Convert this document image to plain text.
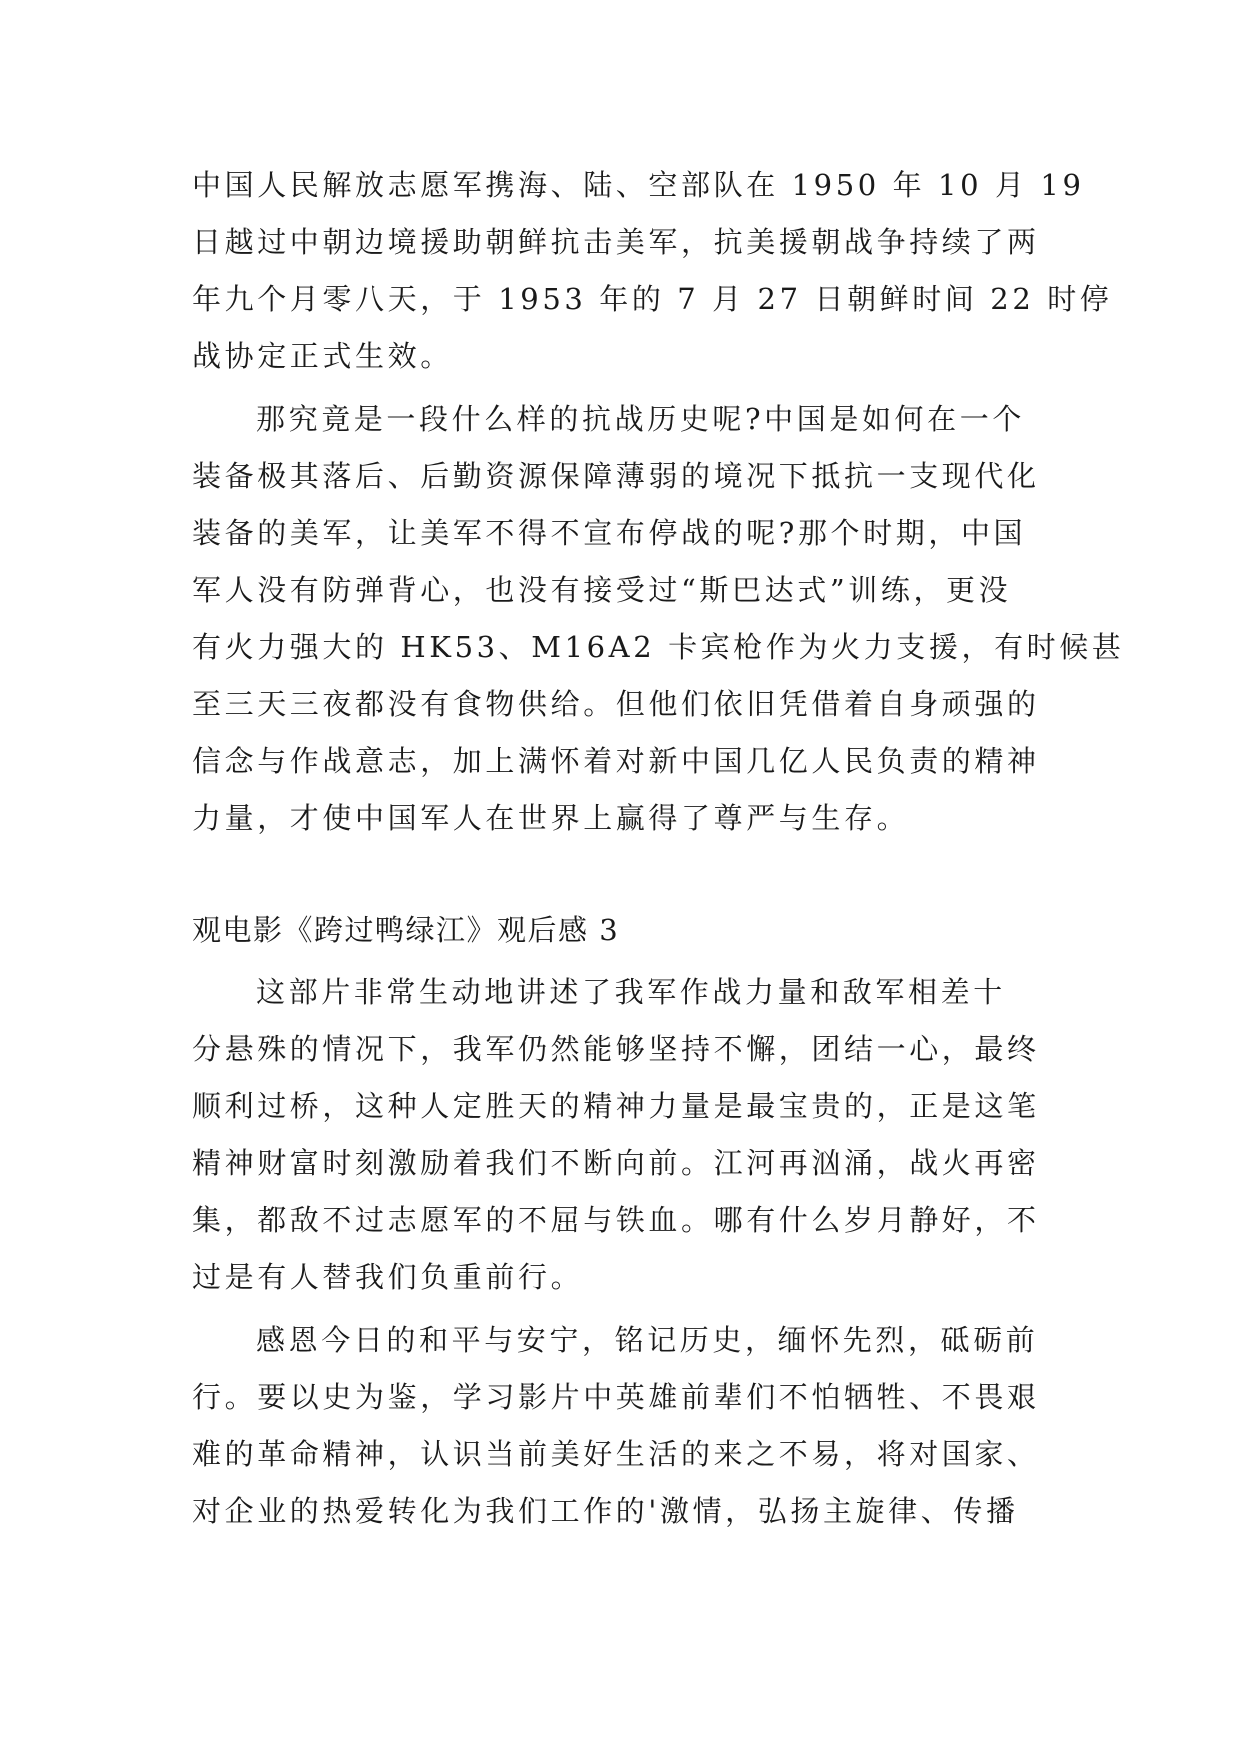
中国人民解放志愿军携海、陆、空部队在 1950 年 10 月 19
日越过中朝边境援助朝鲜抗击美军，抗美援朝战争持续了两
年九个月零八天，于 1953 年的 7 月 27 日朝鲜时间 22 时停
战协定正式生效。
那究竟是一段什么样的抗战历史呢?中国是如何在一个
装备极其落后、后勤资源保障薄弱的境况下抵抗一支现代化
装备的美军，让美军不得不宣布停战的呢?那个时期，中国
军人没有防弹背心，也没有接受过“斯巴达式”训练，更没
有火力强大的 HK53、M16A2 卡宾枪作为火力支援，有时候甚
至三天三夜都没有食物供给。但他们依旧凭借着自身顽强的
信念与作战意志，加上满怀着对新中国几亿人民负责的精神
力量，才使中国军人在世界上赢得了尊严与生存。
观电影《跨过鸭绿江》观后感 3
这部片非常生动地讲述了我军作战力量和敌军相差十
分悬殊的情况下，我军仍然能够坚持不懈，团结一心，最终
顺利过桥，这种人定胜天的精神力量是最宝贵的，正是这笔
精神财富时刻激励着我们不断向前。江河再汹涌，战火再密
集，都敌不过志愿军的不屈与铁血。哪有什么岁月静好，不
过是有人替我们负重前行。
感恩今日的和平与安宁，铭记历史，缅怀先烈，砥砺前
行。要以史为鉴，学习影片中英雄前辈们不怕牺牲、不畏艰
难的革命精神，认识当前美好生活的来之不易，将对国家、
对企业的热爱转化为我们工作的'激情，弘扬主旋律、传播
